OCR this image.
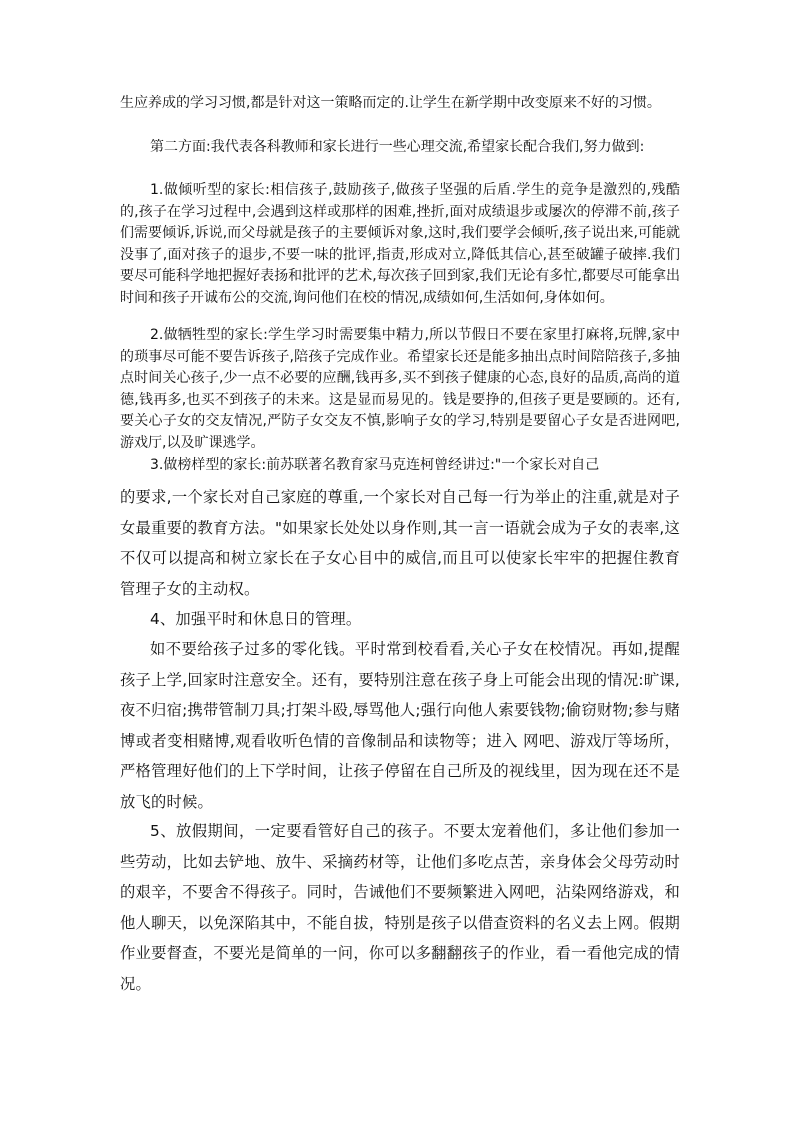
生应养成的学习习惯,都是针对这一策略而定的.让学生在新学期中改变原来不好的习惯。

第二方面:我代表各科教师和家长进行一些心理交流,希望家长配合我们,努力做到:

1.做倾听型的家长:相信孩子,鼓励孩子,做孩子坚强的后盾.学生的竞争是激烈的,残酷的,孩子在学习过程中,会遇到这样或那样的困难,挫折,面对成绩退步或屡次的停滞不前,孩子们需要倾诉,诉说,而父母就是孩子的主要倾诉对象,这时,我们要学会倾听,孩子说出来,可能就没事了,面对孩子的退步,不要一味的批评,指责,形成对立,降低其信心,甚至破罐子破摔.我们要尽可能科学地把握好表扬和批评的艺术,每次孩子回到家,我们无论有多忙,都要尽可能拿出时间和孩子开诚布公的交流,询问他们在校的情况,成绩如何,生活如何,身体如何。

2.做牺牲型的家长:学生学习时需要集中精力,所以节假日不要在家里打麻将,玩牌,家中的琐事尽可能不要告诉孩子,陪孩子完成作业。希望家长还是能多抽出点时间陪陪孩子,多抽点时间关心孩子,少一点不必要的应酬,钱再多,买不到孩子健康的心态,良好的品质,高尚的道德,钱再多,也买不到孩子的未来。这是显而易见的。钱是要挣的,但孩子更是要顾的。还有,要关心子女的交友情况,严防子女交友不慎,影响子女的学习,特别是要留心子女是否进网吧,游戏厅,以及旷课逃学。

3.做榜样型的家长:前苏联著名教育家马克连柯曾经讲过:"一个家长对自己

的要求,一个家长对自己家庭的尊重,一个家长对自己每一行为举止的注重,就是对子女最重要的教育方法。"如果家长处处以身作则,其一言一语就会成为子女的表率,这不仅可以提高和树立家长在子女心目中的威信,而且可以使家长牢牢的把握住教育管理子女的主动权。

4、加强平时和休息日的管理。

如不要给孩子过多的零化钱。平时常到校看看,关心子女在校情况。再如,提醒孩子上学,回家时注意安全。还有，要特别注意在孩子身上可能会出现的情况:旷课,夜不归宿;携带管制刀具;打架斗殴,辱骂他人;强行向他人索要钱物;偷窃财物;参与赌博或者变相赌博,观看收听色情的音像制品和读物等；进入 网吧、游戏厅等场所，严格管理好他们的上下学时间，让孩子停留在自己所及的视线里，因为现在还不是放飞的时候。

5、放假期间，一定要看管好自己的孩子。不要太宠着他们，多让他们参加一些劳动，比如去铲地、放牛、采摘药材等，让他们多吃点苦，亲身体会父母劳动时的艰辛，不要舍不得孩子。同时，告诫他们不要频繁进入网吧，沾染网络游戏，和他人聊天，以免深陷其中，不能自拔，特别是孩子以借查资料的名义去上网。假期作业要督查，不要光是简单的一问，你可以多翻翻孩子的作业，看一看他完成的情况。
